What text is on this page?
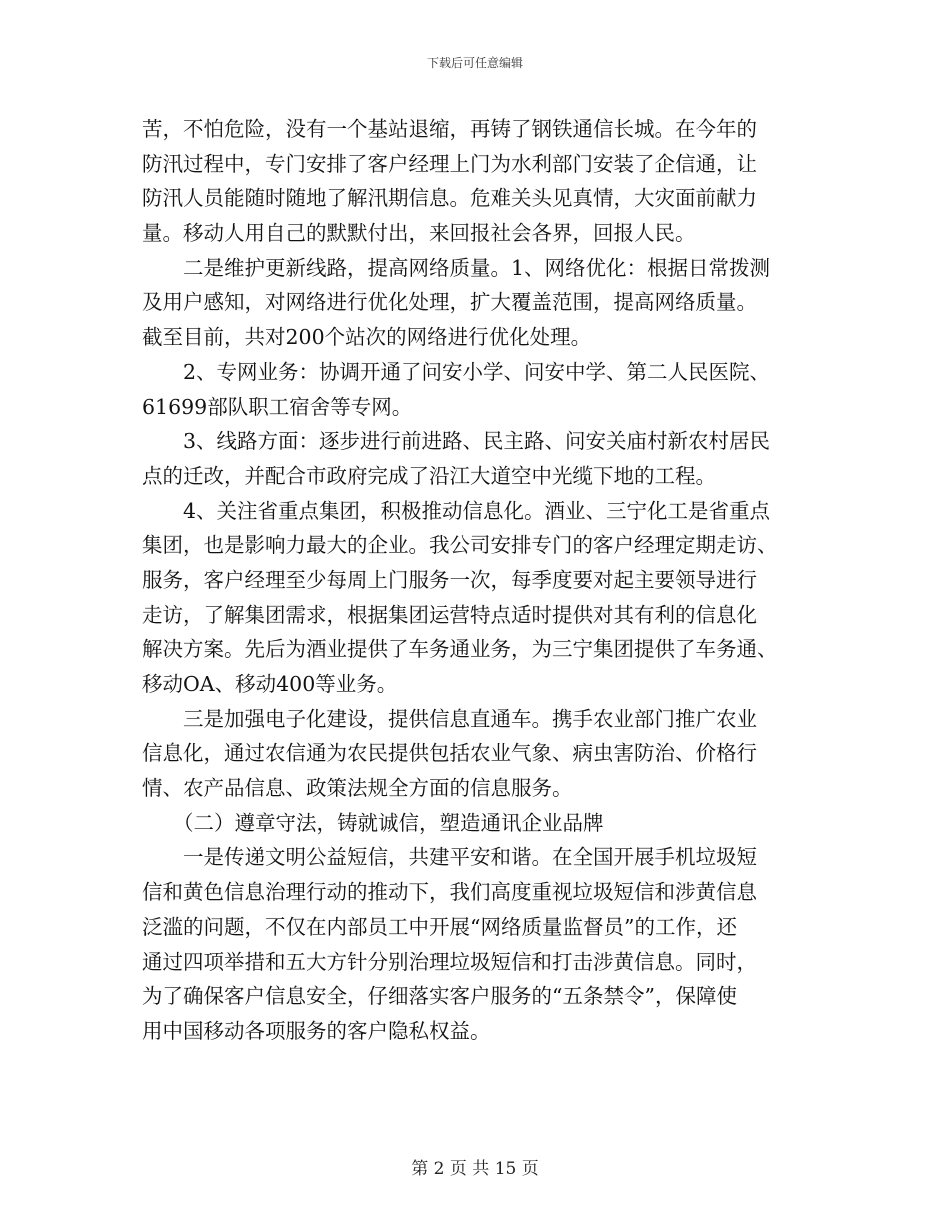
下载后可任意编辑
苦，不怕危险，没有一个基站退缩，再铸了钢铁通信长城。在今年的
防汛过程中，专门安排了客户经理上门为水利部门安装了企信通，让
防汛人员能随时随地了解汛期信息。危难关头见真情，大灾面前献力
量。移动人用自己的默默付出，来回报社会各界，回报人民。
二是维护更新线路，提高网络质量。1、网络优化：根据日常拨测
及用户感知，对网络进行优化处理，扩大覆盖范围，提高网络质量。
截至目前，共对200个站次的网络进行优化处理。
2、专网业务：协调开通了问安小学、问安中学、第二人民医院、
61699部队职工宿舍等专网。
3、线路方面：逐步进行前进路、民主路、问安关庙村新农村居民
点的迁改，并配合市政府完成了沿江大道空中光缆下地的工程。
4、关注省重点集团，积极推动信息化。酒业、三宁化工是省重点
集团，也是影响力最大的企业。我公司安排专门的客户经理定期走访、
服务，客户经理至少每周上门服务一次，每季度要对起主要领导进行
走访，了解集团需求，根据集团运营特点适时提供对其有利的信息化
解决方案。先后为酒业提供了车务通业务，为三宁集团提供了车务通、
移动OA、移动400等业务。
三是加强电子化建设，提供信息直通车。携手农业部门推广农业
信息化，通过农信通为农民提供包括农业气象、病虫害防治、价格行
情、农产品信息、政策法规全方面的信息服务。
（二）遵章守法，铸就诚信，塑造通讯企业品牌
一是传递文明公益短信，共建平安和谐。在全国开展手机垃圾短
信和黄色信息治理行动的推动下，我们高度重视垃圾短信和涉黄信息
泛滥的问题，不仅在内部员工中开展“网络质量监督员”的工作，还
通过四项举措和五大方针分别治理垃圾短信和打击涉黄信息。同时，
为了确保客户信息安全，仔细落实客户服务的“五条禁令”，保障使
用中国移动各项服务的客户隐私权益。
第 2 页 共 15 页
